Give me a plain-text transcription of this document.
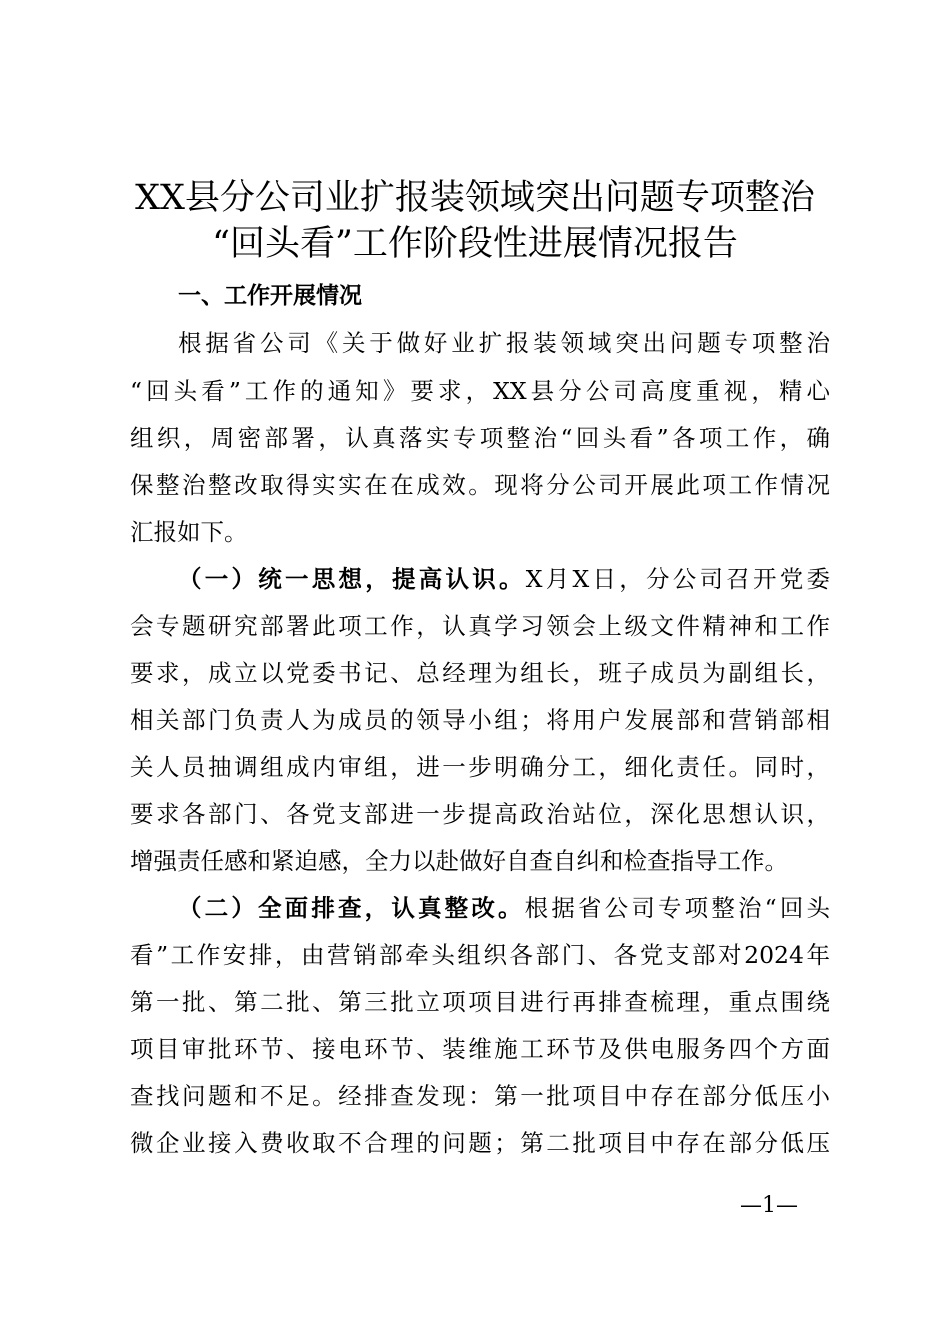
XX县分公司业扩报装领域突出问题专项整治
“回头看”工作阶段性进展情况报告
一、工作开展情况
根据省公司《关于做好业扩报装领域突出问题专项整治
“回头看”工作的通知》要求，XX县分公司高度重视，精心
组织，周密部署，认真落实专项整治“回头看”各项工作，确
保整治整改取得实实在在成效。现将分公司开展此项工作情况
汇报如下。
（一）统一思想，提高认识。X月X日，分公司召开党委
会专题研究部署此项工作，认真学习领会上级文件精神和工作
要求，成立以党委书记、总经理为组长，班子成员为副组长，
相关部门负责人为成员的领导小组；将用户发展部和营销部相
关人员抽调组成内审组，进一步明确分工，细化责任。同时，
要求各部门、各党支部进一步提高政治站位，深化思想认识，
增强责任感和紧迫感，全力以赴做好自查自纠和检查指导工作。
（二）全面排查，认真整改。根据省公司专项整治“回头
看”工作安排，由营销部牵头组织各部门、各党支部对2024年
第一批、第二批、第三批立项项目进行再排查梳理，重点围绕
项目审批环节、接电环节、装维施工环节及供电服务四个方面
查找问题和不足。经排查发现：第一批项目中存在部分低压小
微企业接入费收取不合理的问题；第二批项目中存在部分低压
—1—
